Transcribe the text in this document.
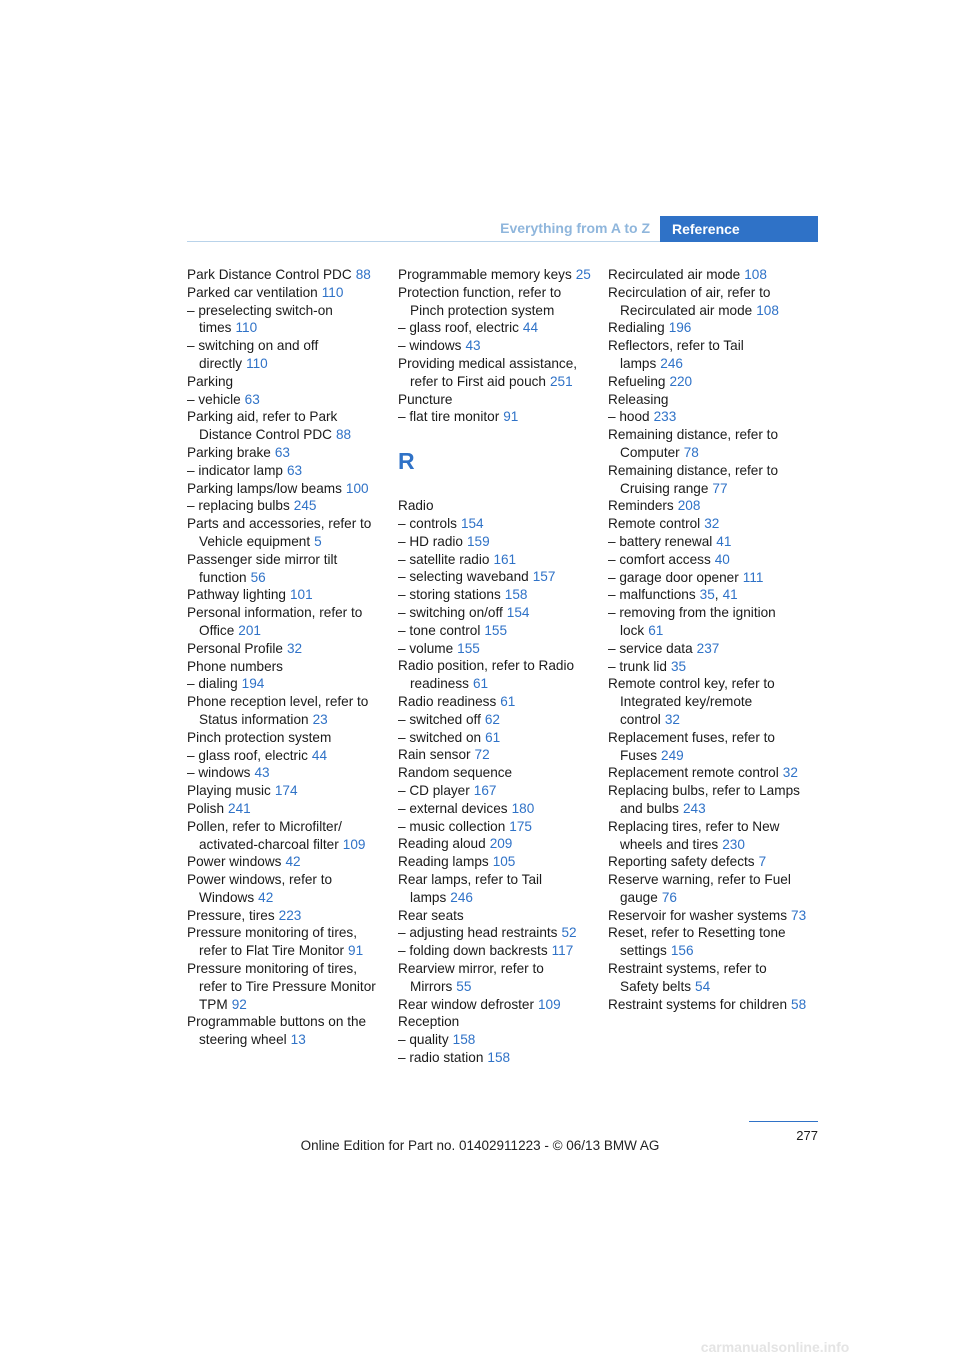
Everything from A to Z	Reference
Park Distance Control PDC 88
Parked car ventilation 110
– preselecting switch-on times 110
– switching on and off directly 110
Parking
– vehicle 63
Parking aid, refer to Park Distance Control PDC 88
Parking brake 63
– indicator lamp 63
Parking lamps/low beams 100
– replacing bulbs 245
Parts and accessories, refer to Vehicle equipment 5
Passenger side mirror tilt function 56
Pathway lighting 101
Personal information, refer to Office 201
Personal Profile 32
Phone numbers
– dialing 194
Phone reception level, refer to Status information 23
Pinch protection system
– glass roof, electric 44
– windows 43
Playing music 174
Polish 241
Pollen, refer to Microfilter/ activated-charcoal filter 109
Power windows 42
Power windows, refer to Windows 42
Pressure, tires 223
Pressure monitoring of tires, refer to Flat Tire Monitor 91
Pressure monitoring of tires, refer to Tire Pressure Monitor TPM 92
Programmable buttons on the steering wheel 13
Programmable memory keys 25
Protection function, refer to Pinch protection system
– glass roof, electric 44
– windows 43
Providing medical assistance, refer to First aid pouch 251
Puncture
– flat tire monitor 91
R
Radio
– controls 154
– HD radio 159
– satellite radio 161
– selecting waveband 157
– storing stations 158
– switching on/off 154
– tone control 155
– volume 155
Radio position, refer to Radio readiness 61
Radio readiness 61
– switched off 62
– switched on 61
Rain sensor 72
Random sequence
– CD player 167
– external devices 180
– music collection 175
Reading aloud 209
Reading lamps 105
Rear lamps, refer to Tail lamps 246
Rear seats
– adjusting head restraints 52
– folding down backrests 117
Rearview mirror, refer to Mirrors 55
Rear window defroster 109
Reception
– quality 158
– radio station 158
Recirculated air mode 108
Recirculation of air, refer to Recirculated air mode 108
Redialing 196
Reflectors, refer to Tail lamps 246
Refueling 220
Releasing
– hood 233
Remaining distance, refer to Computer 78
Remaining distance, refer to Cruising range 77
Reminders 208
Remote control 32
– battery renewal 41
– comfort access 40
– garage door opener 111
– malfunctions 35, 41
– removing from the ignition lock 61
– service data 237
– trunk lid 35
Remote control key, refer to Integrated key/remote control 32
Replacement fuses, refer to Fuses 249
Replacement remote control 32
Replacing bulbs, refer to Lamps and bulbs 243
Replacing tires, refer to New wheels and tires 230
Reporting safety defects 7
Reserve warning, refer to Fuel gauge 76
Reservoir for washer systems 73
Reset, refer to Resetting tone settings 156
Restraint systems, refer to Safety belts 54
Restraint systems for children 58
277
Online Edition for Part no. 01402911223 - © 06/13 BMW AG
carmanualsonline.info
